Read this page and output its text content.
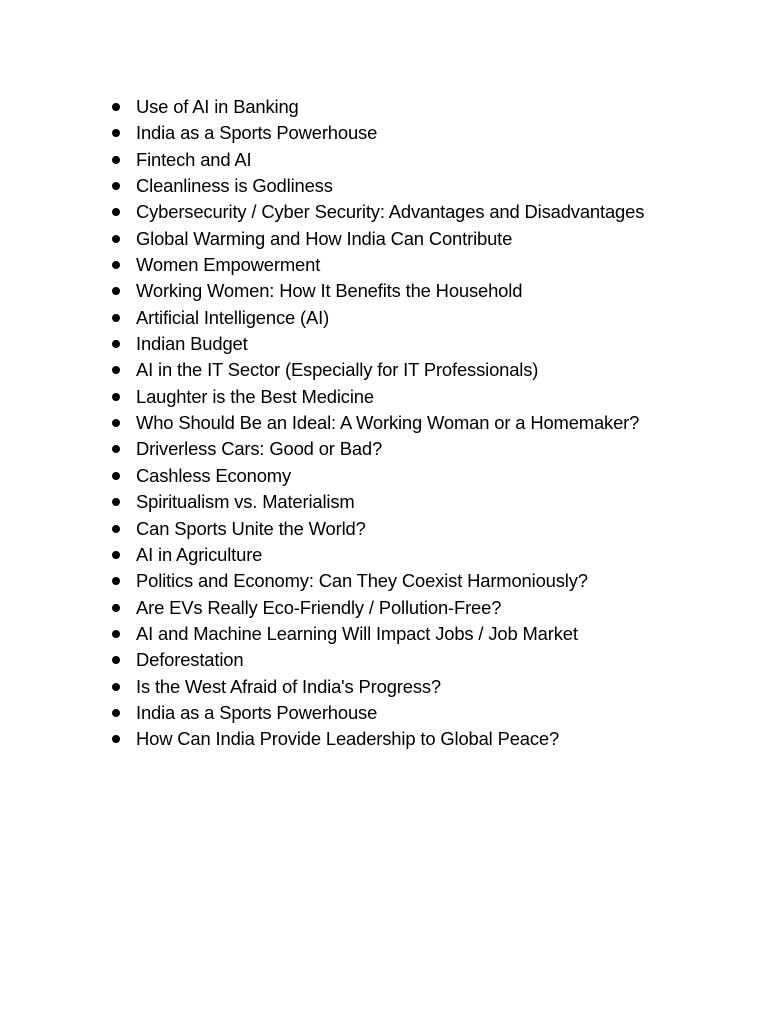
Use of AI in Banking
India as a Sports Powerhouse
Fintech and AI
Cleanliness is Godliness
Cybersecurity / Cyber Security: Advantages and Disadvantages
Global Warming and How India Can Contribute
Women Empowerment
Working Women: How It Benefits the Household
Artificial Intelligence (AI)
Indian Budget
AI in the IT Sector (Especially for IT Professionals)
Laughter is the Best Medicine
Who Should Be an Ideal: A Working Woman or a Homemaker?
Driverless Cars: Good or Bad?
Cashless Economy
Spiritualism vs. Materialism
Can Sports Unite the World?
AI in Agriculture
Politics and Economy: Can They Coexist Harmoniously?
Are EVs Really Eco-Friendly / Pollution-Free?
AI and Machine Learning Will Impact Jobs / Job Market
Deforestation
Is the West Afraid of India's Progress?
India as a Sports Powerhouse
How Can India Provide Leadership to Global Peace?
